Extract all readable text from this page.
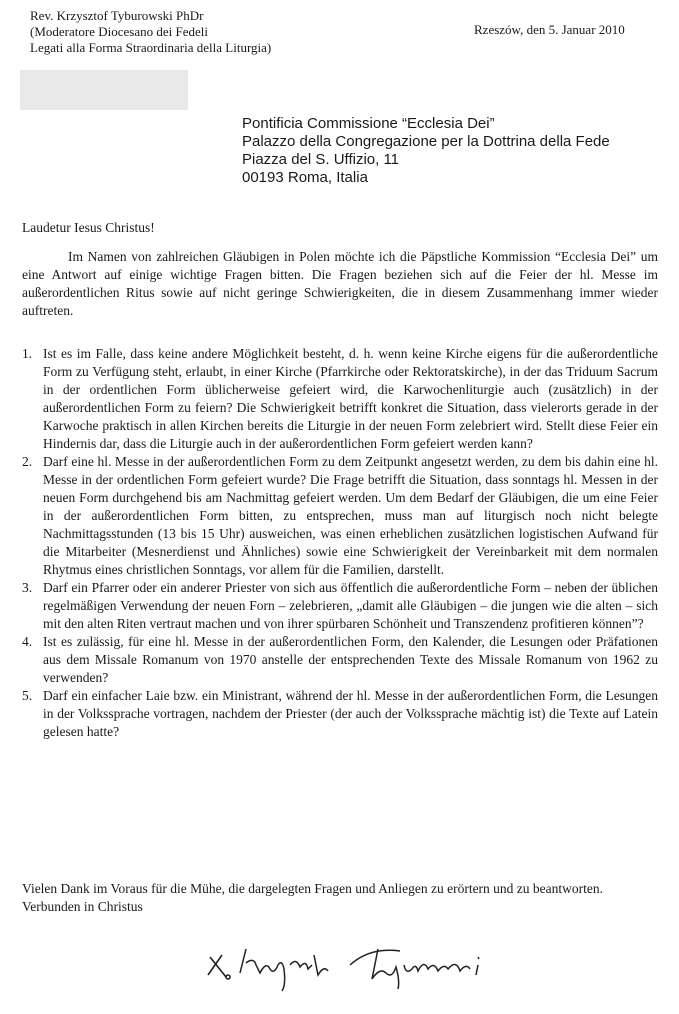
Rev. Krzysztof Tyburowski PhDr
(Moderatore Diocesano dei Fedeli
Legati alla Forma Straordinaria della Liturgia)
Rzeszów, den 5. Januar 2010
Pontificia Commissione “Ecclesia Dei”
Palazzo della Congregazione per la Dottrina della Fede
Piazza del S. Uffizio, 11
00193 Roma, Italia
Laudetur Iesus Christus!

Im Namen von zahlreichen Gläubigen in Polen möchte ich die Päpstliche Kommission “Ecclesia Dei” um eine Antwort auf einige wichtige Fragen bitten. Die Fragen beziehen sich auf die Feier der hl. Messe im außerordentlichen Ritus sowie auf nicht geringe Schwierigkeiten, die in diesem Zusammenhang immer wieder auftreten.

1. Ist es im Falle, dass keine andere Möglichkeit besteht, d. h. wenn keine Kirche eigens für die außerordentliche Form zu Verfügung steht, erlaubt, in einer Kirche (Pfarrkirche oder Rektoratskirche), in der das Triduum Sacrum in der ordentlichen Form üblicherweise gefeiert wird, die Karwochenliturgie auch (zusätzlich) in der außerordentlichen Form zu feiern? Die Schwierigkeit betrifft konkret die Situation, dass vielerorts gerade in der Karwoche praktisch in allen Kirchen bereits die Liturgie in der neuen Form zelebriert wird. Stellt diese Feier ein Hindernis dar, dass die Liturgie auch in der außerordentlichen Form gefeiert werden kann?
2. Darf eine hl. Messe in der außerordentlichen Form zu dem Zeitpunkt angesetzt werden, zu dem bis dahin eine hl. Messe in der ordentlichen Form gefeiert wurde? Die Frage betrifft die Situation, dass sonntags hl. Messen in der neuen Form durchgehend bis am Nachmittag gefeiert werden. Um dem Bedarf der Gläubigen, die um eine Feier in der außerordentlichen Form bitten, zu entsprechen, muss man auf liturgisch noch nicht belegte Nachmittagsstunden (13 bis 15 Uhr) ausweichen, was einen erheblichen zusätzlichen logistischen Aufwand für die Mitarbeiter (Mesnerdienst und Ähnliches) sowie eine Schwierigkeit der Vereinbarkeit mit dem normalen Rhytmus eines christlichen Sonntags, vor allem für die Familien, darstellt.
3. Darf ein Pfarrer oder ein anderer Priester von sich aus öffentlich die außerordentliche Form – neben der üblichen regelmäßigen Verwendung der neuen Forn – zelebrieren, „damit alle Gläubigen – die jungen wie die alten – sich mit den alten Riten vertraut machen und von ihrer spürbaren Schönheit und Transzendenz profitieren können”?
4. Ist es zulässig, für eine hl. Messe in der außerordentlichen Form, den Kalender, die Lesungen oder Präfationen aus dem Missale Romanum von 1970 anstelle der entsprechenden Texte des Missale Romanum von 1962 zu verwenden?
5. Darf ein einfacher Laie bzw. ein Ministrant, während der hl. Messe in der außerordentlichen Form, die Lesungen in der Volkssprache vortragen, nachdem der Priester (der auch der Volkssprache mächtig ist) die Texte auf Latein gelesen hatte?
Vielen Dank im Voraus für die Mühe, die dargelegten Fragen und Anliegen zu erörtern und zu beantworten.
Verbunden in Christus
